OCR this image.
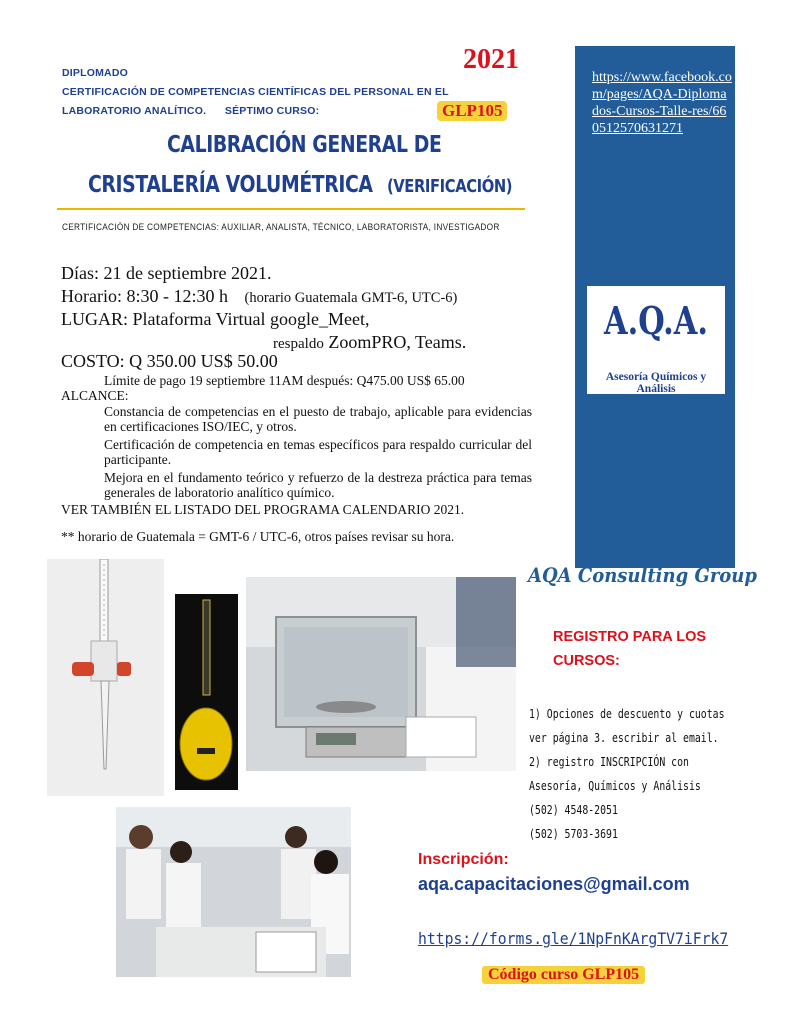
DIPLOMADO
CERTIFICACIÓN DE COMPETENCIAS CIENTÍFICAS DEL PERSONAL EN EL
LABORATORIO ANALÍTICO.      SÉPTIMO CURSO:
2021
GLP105
CALIBRACIÓN GENERAL DE
CRISTALERÍA VOLUMÉTRICA (VERIFICACIÓN)
CERTIFICACIÓN DE COMPETENCIAS: AUXILIAR, ANALISTA, TÉCNICO, LABORATORISTA, INVESTIGADOR
Días: 21 de septiembre 2021.
Horario: 8:30 - 12:30 h (horario Guatemala GMT-6, UTC-6)
LUGAR: Plataforma Virtual google_Meet,
respaldo ZoomPRO, Teams.
COSTO: Q 350.00 US$ 50.00
Límite de pago 19 septiembre 11AM después: Q475.00 US$ 65.00
ALCANCE:
Constancia de competencias en el puesto de trabajo, aplicable para evidencias en certificaciones ISO/IEC, y otros.
Certificación de competencia en temas específicos para respaldo curricular del participante.
Mejora en el fundamento teórico y refuerzo de la destreza práctica para temas generales de laboratorio analítico químico.
VER TAMBIÉN EL LISTADO DEL PROGRAMA CALENDARIO 2021.
** horario de Guatemala = GMT-6 / UTC-6, otros países revisar su hora.
https://www.facebook.com/pages/AQA-Diplomados-Cursos-Talle-res/660512570631271
A.Q.A.
Asesoría Químicos y Análisis
AQA Consulting Group
REGISTRO PARA LOS
CURSOS:
1) Opciones de descuento y cuotas
ver página 3. escribir al email.
2) registro INSCRIPCIÓN con
Asesoría, Químicos y Análisis
(502) 4548-2051
(502) 5703-3691
Inscripción:
aqa.capacitaciones@gmail.com
https://forms.gle/1NpFnKArgTV7iFrk7
Código curso GLP105
